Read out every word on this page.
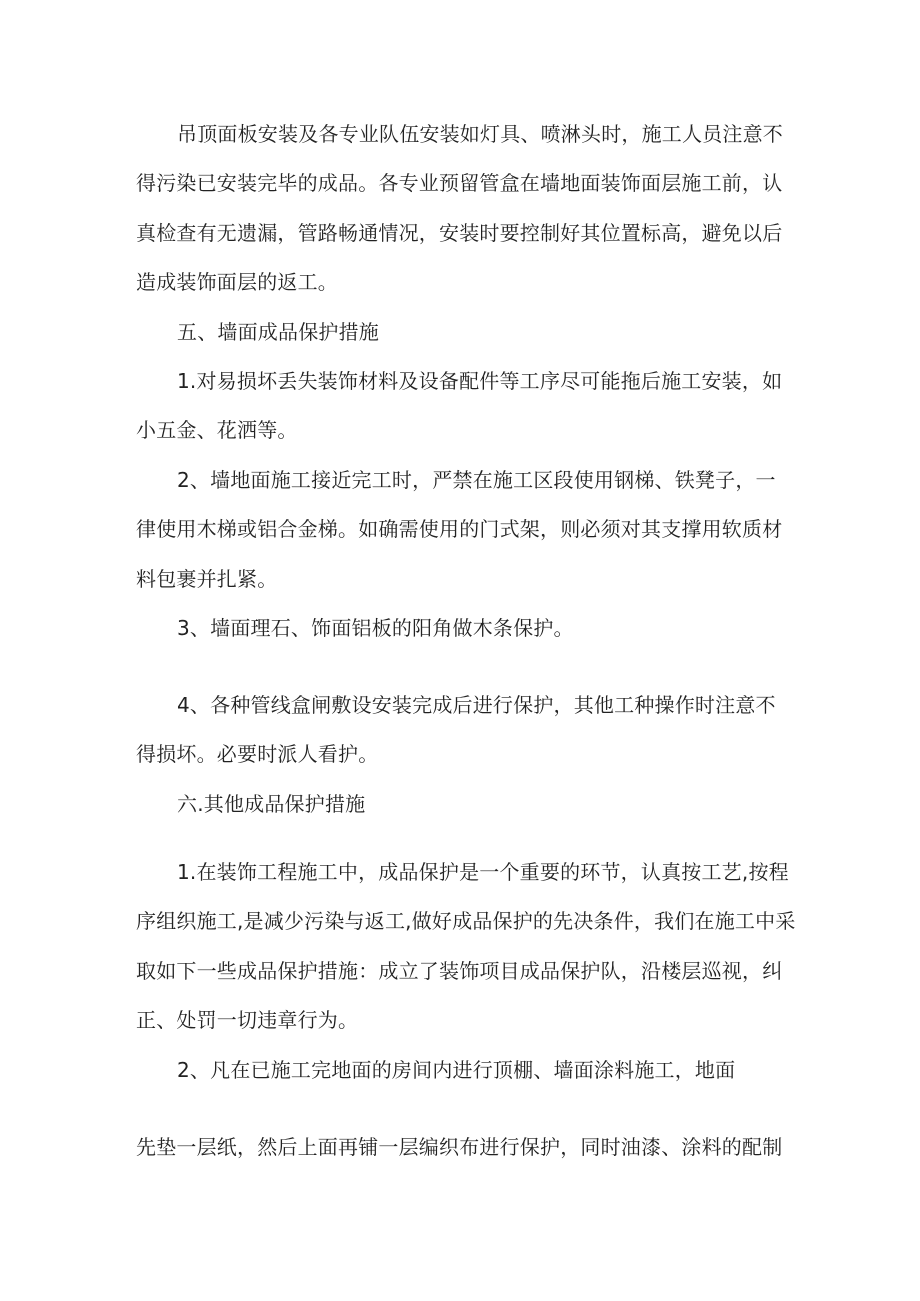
吊顶面板安装及各专业队伍安装如灯具、喷淋头时，施工人员注意不
得污染已安装完毕的成品。各专业预留管盒在墙地面装饰面层施工前，认
真检查有无遗漏，管路畅通情况，安装时要控制好其位置标高，避免以后
造成装饰面层的返工。
五、墙面成品保护措施
1.对易损坏丢失装饰材料及设备配件等工序尽可能拖后施工安装，如
小五金、花洒等。
2、墙地面施工接近完工时，严禁在施工区段使用钢梯、铁凳子，一
律使用木梯或铝合金梯。如确需使用的门式架，则必须对其支撑用软质材
料包裹并扎紧。
3、墙面理石、饰面铝板的阳角做木条保护。
4、各种管线盒闸敷设安装完成后进行保护，其他工种操作时注意不
得损坏。必要时派人看护。
六.其他成品保护措施
1.在装饰工程施工中，成品保护是一个重要的环节，认真按工艺,按程
序组织施工,是减少污染与返工,做好成品保护的先决条件，我们在施工中采
取如下一些成品保护措施：成立了装饰项目成品保护队，沿楼层巡视，纠
正、处罚一切违章行为。
2、凡在已施工完地面的房间内进行顶棚、墙面涂料施工，地面
先垫一层纸，然后上面再铺一层编织布进行保护，同时油漆、涂料的配制
